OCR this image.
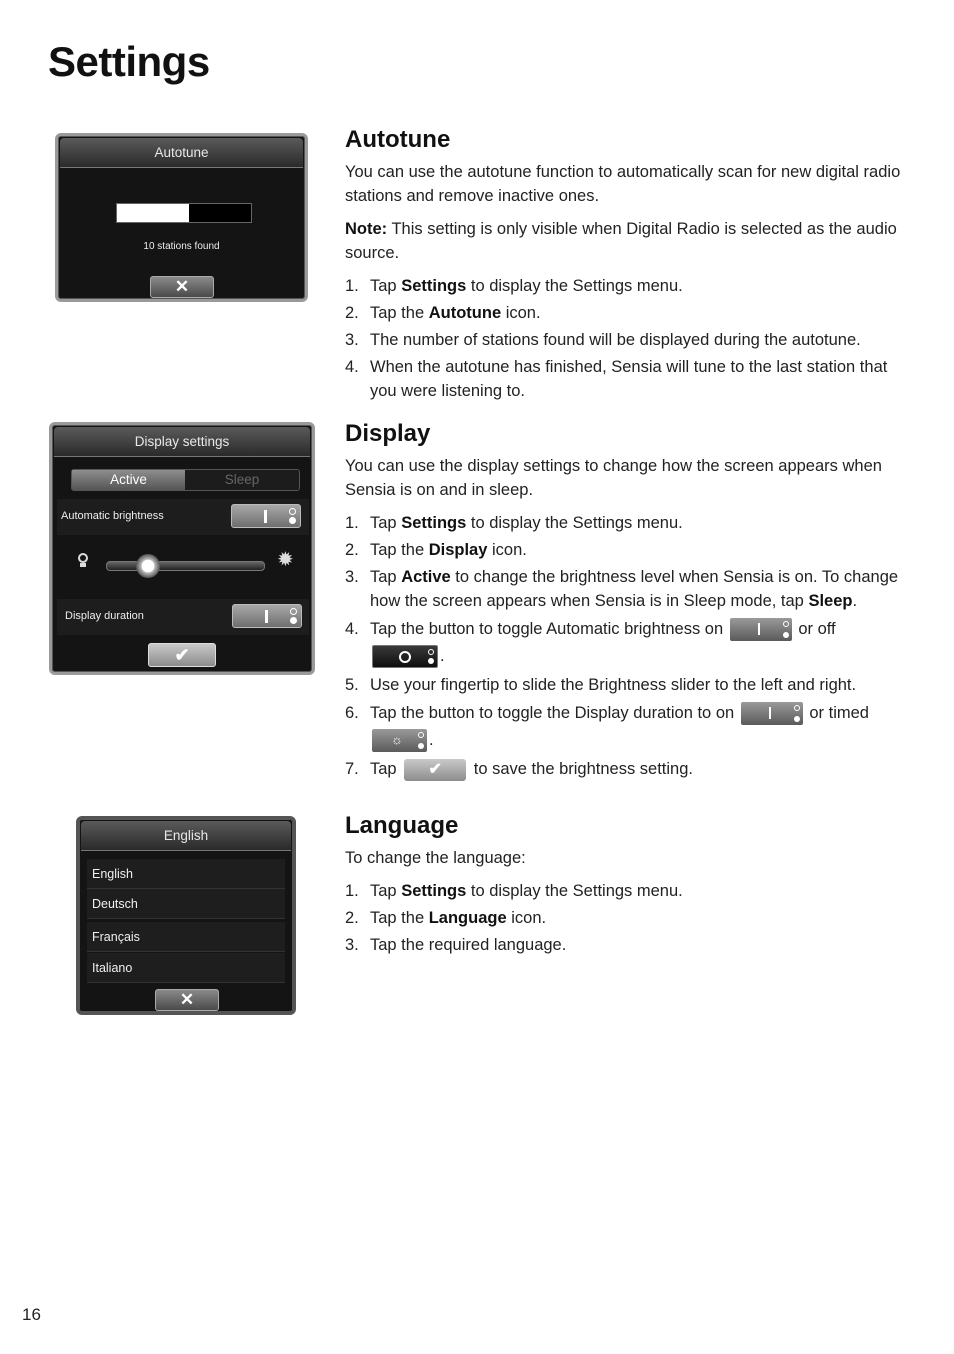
Settings
Autotune
10 stations found
✕
Autotune

You can use the autotune function to automatically scan for new digital radio stations and remove inactive ones.

Note: This setting is only visible when Digital Radio is selected as the audio source.

1. Tap Settings to display the Settings menu.
2. Tap the Autotune icon.
3. The number of stations found will be displayed during the autotune.
4. When the autotune has finished, Sensia will tune to the last station that you were listening to.
Display settings
Active	Sleep
Automatic brightness
✹
Display duration
✔
Display

You can use the display settings to change how the screen appears when Sensia is on and in sleep.

1. Tap Settings to display the Settings menu.
2. Tap the Display icon.
3. Tap Active to change the brightness level when Sensia is on. To change how the screen appears when Sensia is in Sleep mode, tap Sleep.
4. Tap the button to toggle Automatic brightness on	or off

.
5. Use your fingertip to slide the Brightness slider to the left and right.
6. Tap the button to toggle the Display duration to on	or timed

☼ .
7. Tap ✔ to save the brightness setting.
English
English
Deutsch
Français
Italiano
✕
Language

To change the language:

1. Tap Settings to display the Settings menu.
2. Tap the Language icon.
3. Tap the required language.
16
